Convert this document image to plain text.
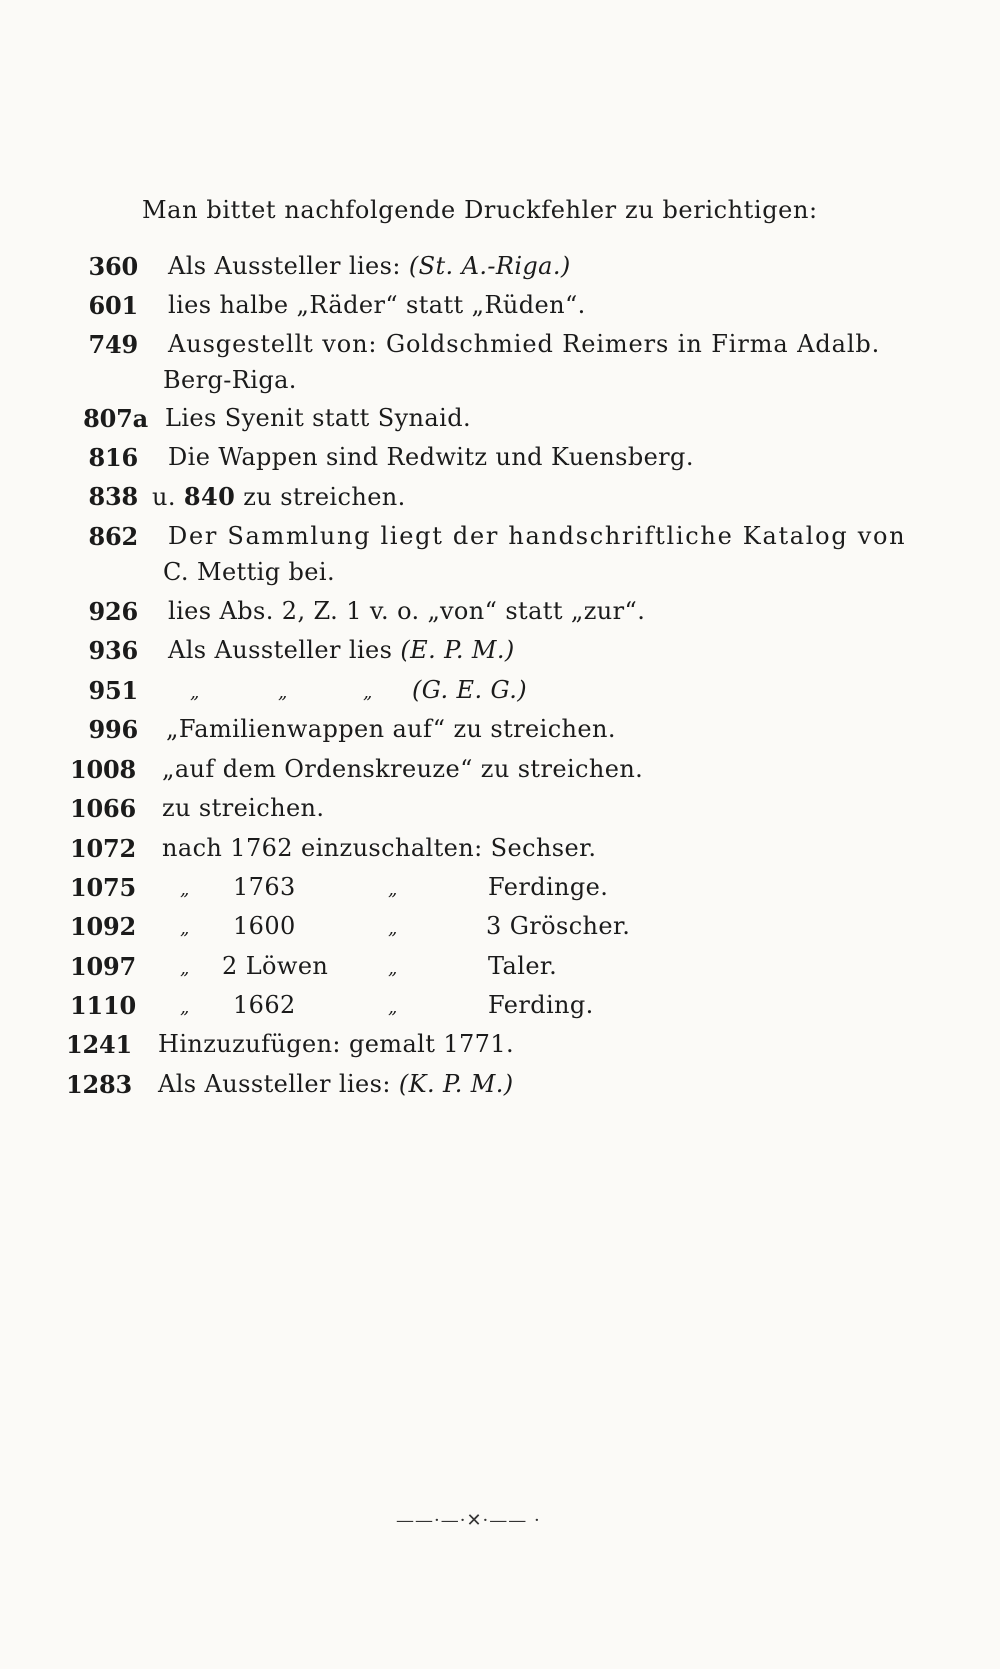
Man bittet nachfolgende Druckfehler zu berichtigen:
360 Als Aussteller lies: (St. A.-Riga.)
601 lies halbe „Räder“ statt „Rüden“.
749 Ausgestellt von: Goldschmied Reimers in Firma Adalb.
Berg-Riga.
807a Lies Syenit statt Synaid.
816 Die Wappen sind Redwitz und Kuensberg.
838 u. 840 zu streichen.
862 Der Sammlung liegt der handschriftliche Katalog von
C. Mettig bei.
926 lies Abs. 2, Z. 1 v. o. „von“ statt „zur“.
936 Als Aussteller lies (E. P. M.)
951	„	„	„ (G. E. G.)
996 „Familienwappen auf“ zu streichen.
1008 „auf dem Ordenskreuze“ zu streichen.
1066 zu streichen.
1072 nach 1762 einzuschalten: Sechser.
1075 „ 1763	„	Ferdinge.
1092 „ 1600	„	3 Gröscher.
1097 „ 2 Löwen	„	Taler.
1110 „ 1662	„	Ferding.
1241 Hinzuzufügen: gemalt 1771.
1283 Als Aussteller lies: (K. P. M.)
——·—·✕·—— ·
